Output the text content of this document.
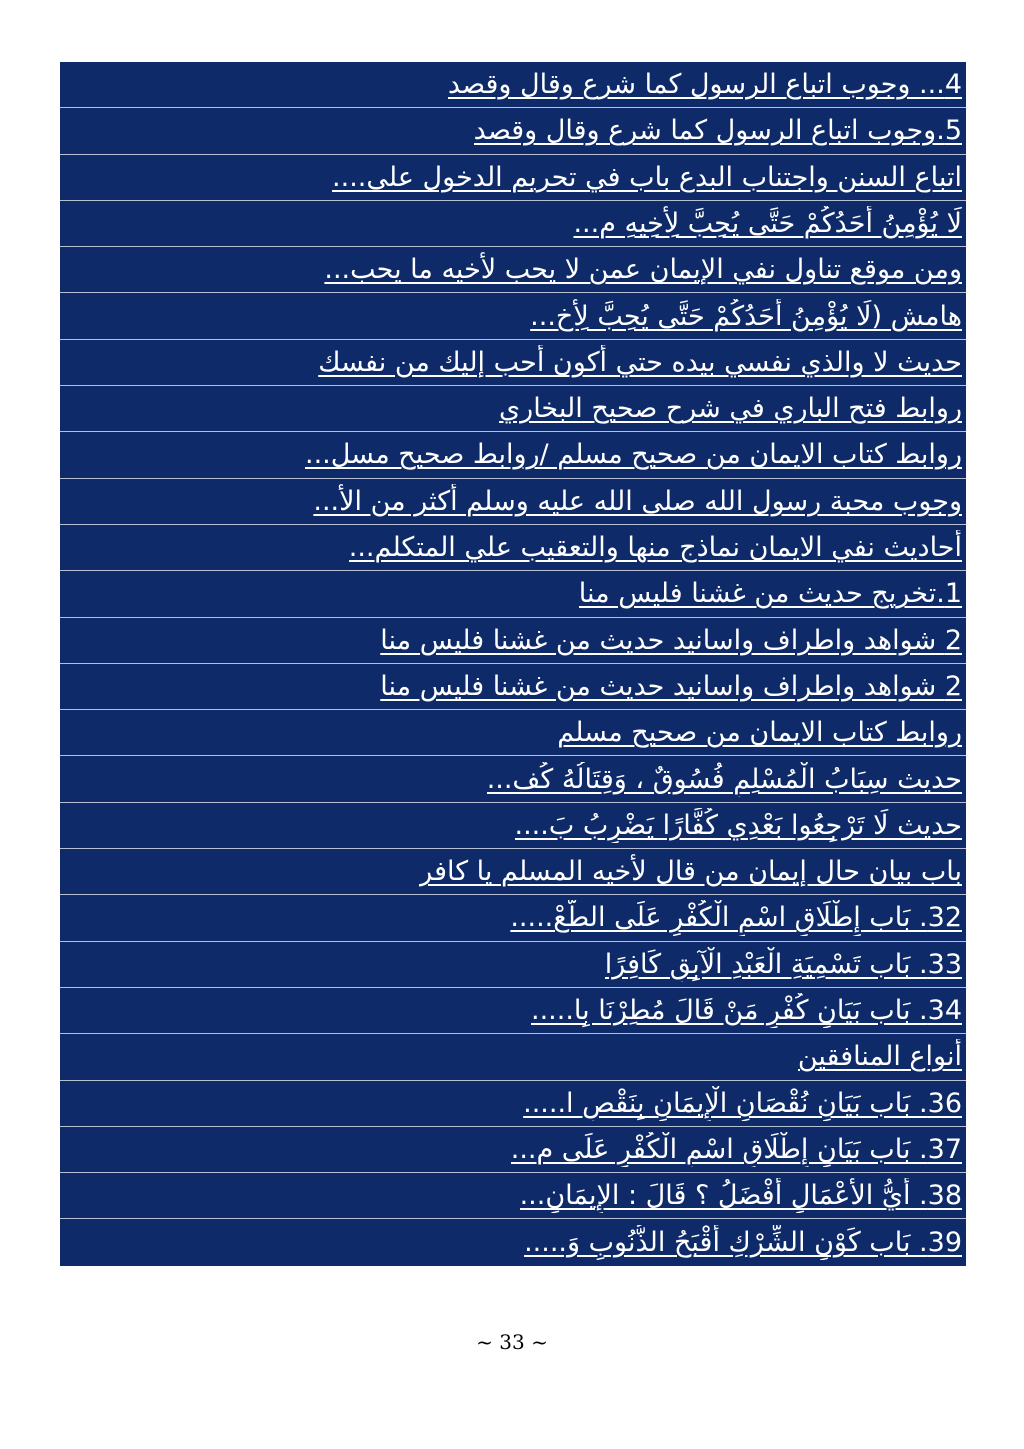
4... وجوب اتباع الرسول كما شرع وقال وقصد
5.وجوب اتباع الرسول كما شرع وقال وقصد
اتباع السنن واجتناب البدع باب في تحريم الدخول على....
لَا يُؤْمِنُ أَحَدُكُمْ حَتَّى يُحِبَّ لِأَخِيهِ م...
ومن موقع تناول نفي الإيمان عمن لا يحب لأخيه ما يحب...
هامش (لَا يُؤْمِنُ أَحَدُكُمْ حَتَّى يُحِبَّ لِأَخ...
حديث لا والذي نفسي بيده حتي أكون أحب إليك من نفسك
روابط فتح الباري في شرح صحيح البخاري
روابط كتاب الايمان من صحيح مسلم /روابط صحيح مسل...
وجوب محبة رسول الله صلى الله عليه وسلم أكثر من الأ...
أحاديث نفي الايمان نماذج منها والتعقيب علي المتكلم...
1.تخريج حديث من غشنا فليس منا
2 شواهد واطراف واسانيد حديث من غشنا فليس منا
2 شواهد واطراف واسانيد حديث من غشنا فليس منا
روابط كتاب الايمان من صحيح مسلم
حديث سِبَابُ الْمُسْلِمِ فُسُوقٌ ، وَقِتَالُهُ كُف...
حديث لَا تَرْجِعُوا بَعْدِي كُفَّارًا يَضْرِبُ بَ....
باب بيان حال إيمان من قال لأخيه المسلم يا كافر
32. بَاب إِطْلَاقِ اسْمِ الْكُفْرِ عَلَى الطَّعْ.....
33. بَاب تَسْمِيَةِ الْعَبْدِ الْآبِقِ كَافِرًا
34. بَاب بَيَانِ كُفْرِ مَنْ قَالَ مُطِرْنَا بِا.....
أنواع المنافقين
36. بَاب بَيَانِ نُقْصَانِ الْإِيمَانِ بِنَقْصِ ا.....
37. بَاب بَيَانِ إِطْلَاقِ اسْمِ الْكُفْرِ عَلَى م...
38. أَيُّ الأَعْمَالِ أَفْضَلُ ؟ قَالَ : الإِيمَانِ...
39. بَاب كَوْنِ الشِّرْكِ أَقْبَحُ الذُّنُوبِ وَ.....
~ 33 ~
